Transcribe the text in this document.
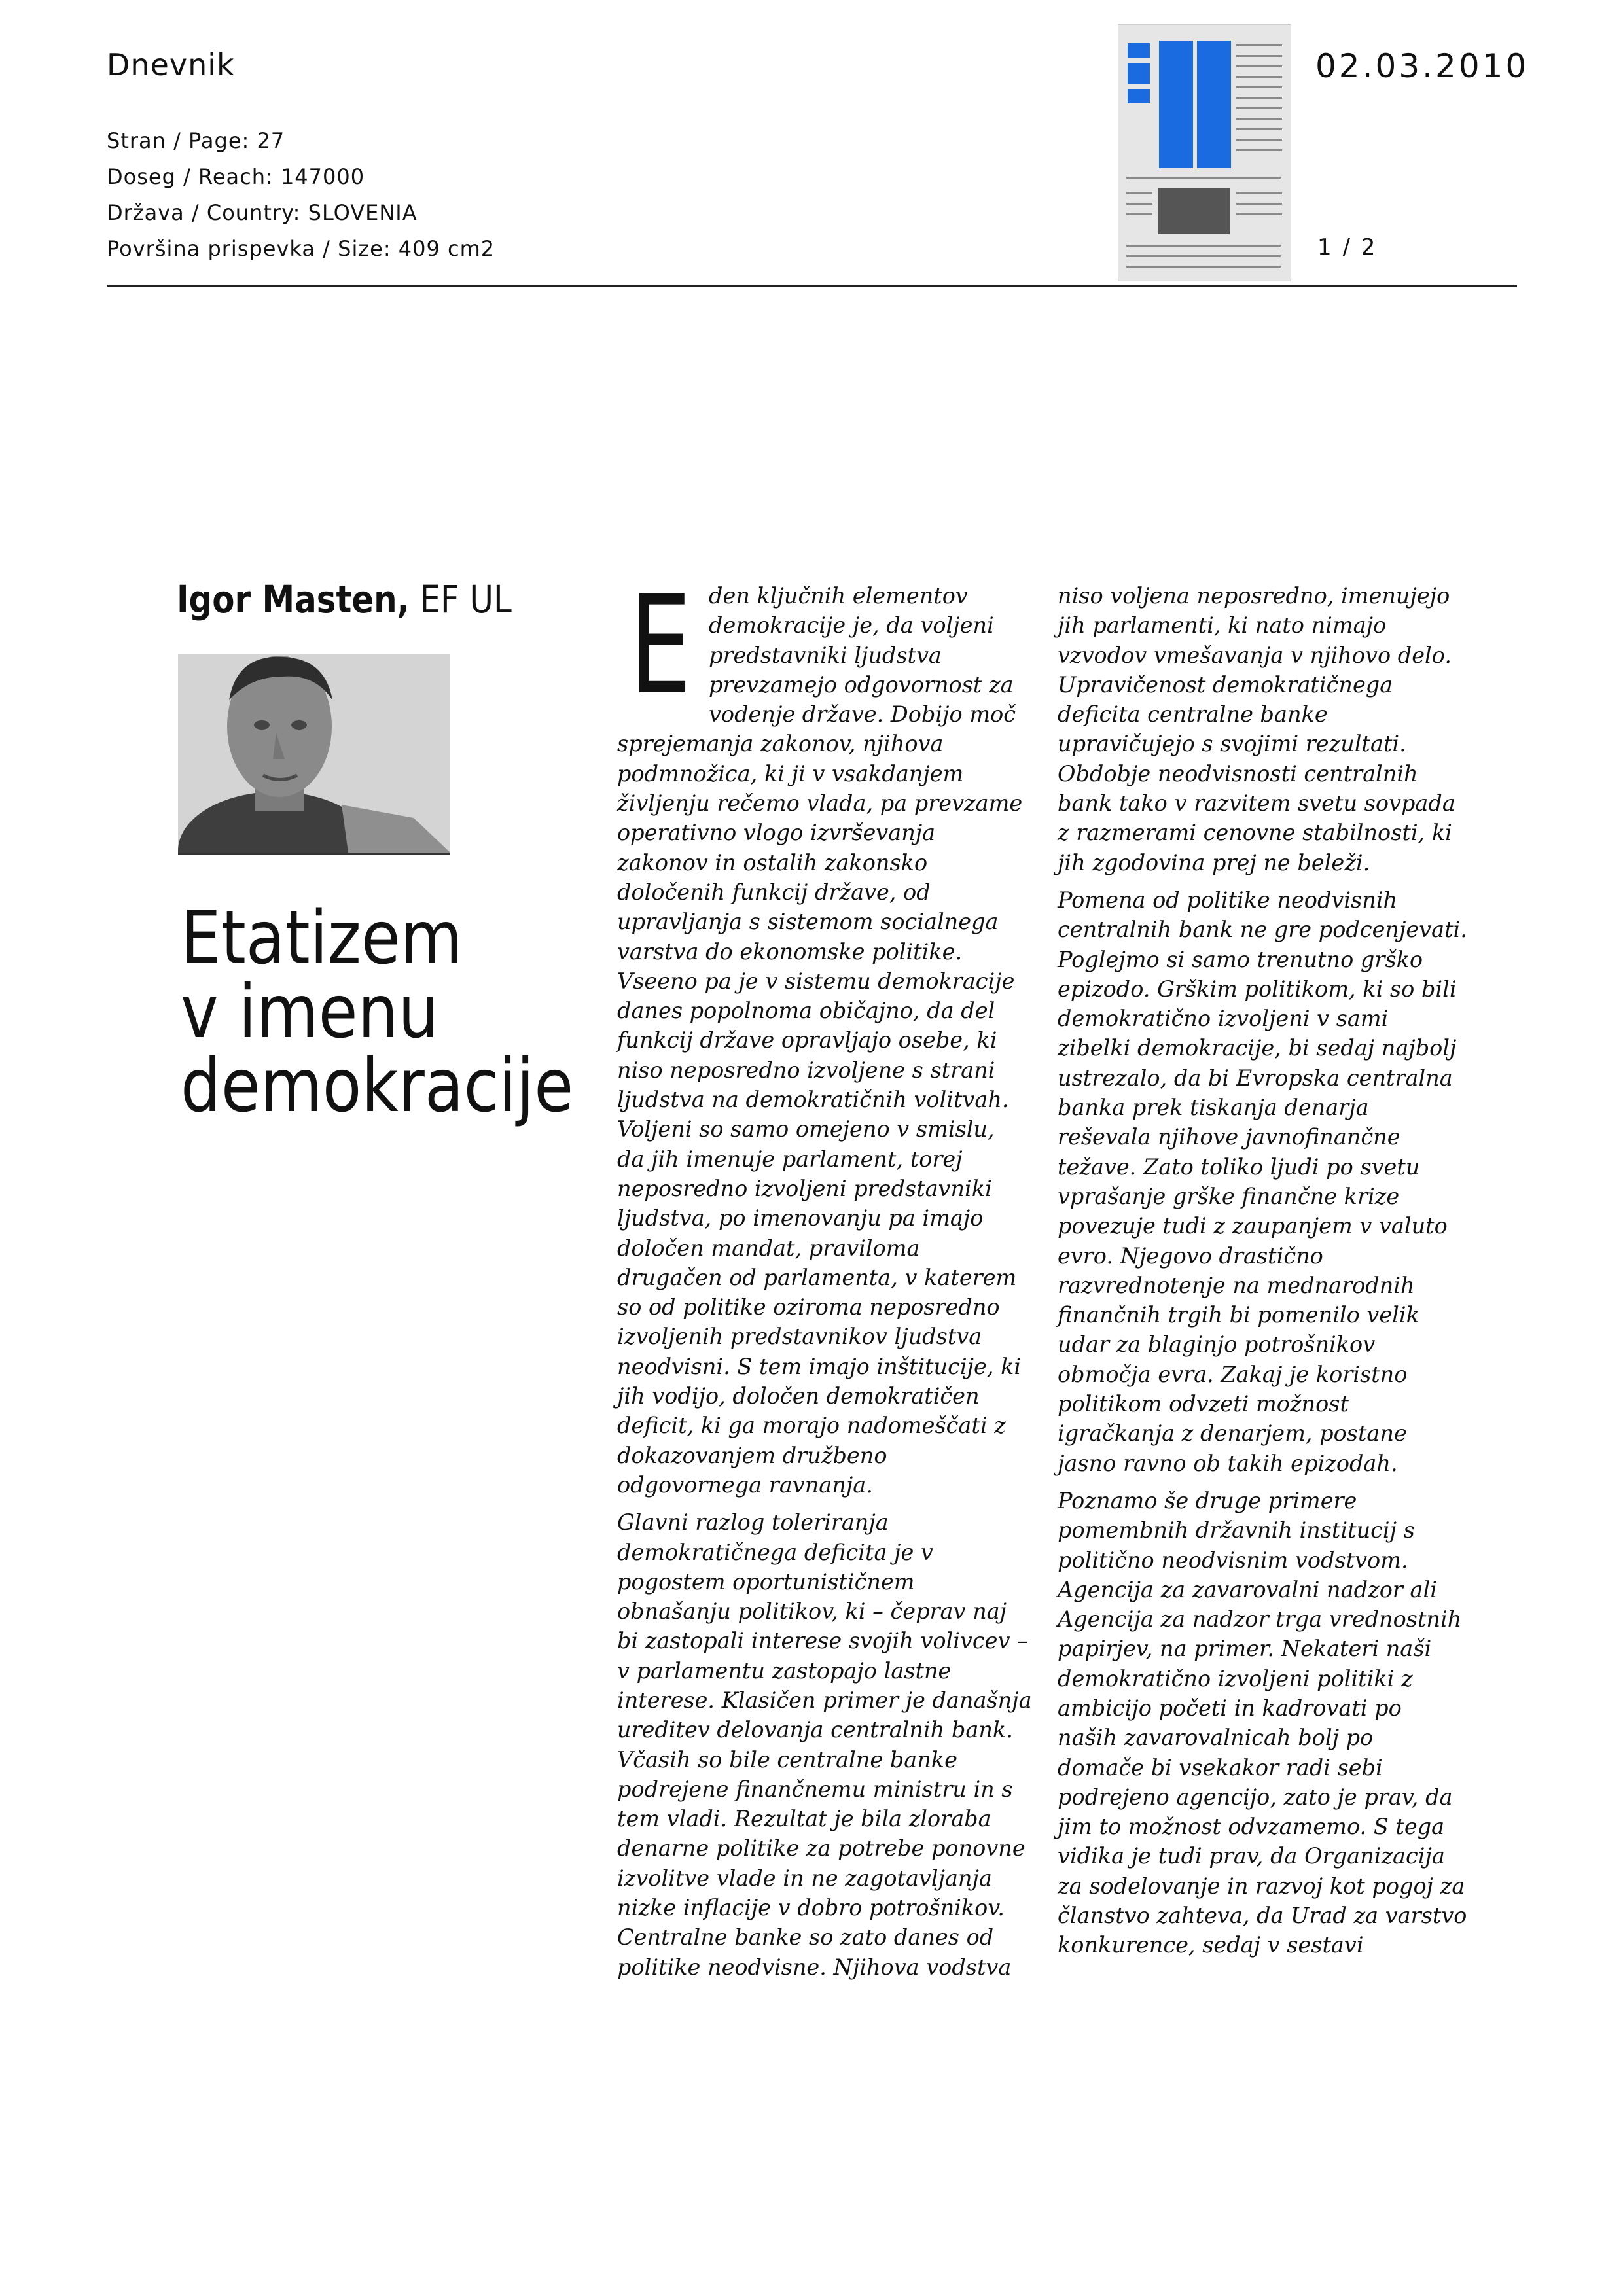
Dnevnik	02.03.2010
1 / 2
Stran / Page: 27
Doseg / Reach: 147000
Država / Country: SLOVENIA
Površina prispevka / Size: 409 cm2
Igor Masten, EF UL
Etatizem
v imenu
demokracije
E den ključnih elementov
demokracije je, da voljeni
predstavniki ljudstva
prevzamejo odgovornost za
vodenje države. Dobijo moč
sprejemanja zakonov, njihova
podmnožica, ki ji v vsakdanjem
življenju rečemo vlada, pa prevzame
operativno vlogo izvrševanja
zakonov in ostalih zakonsko
določenih funkcij države, od
upravljanja s sistemom socialnega
varstva do ekonomske politike.
Vseeno pa je v sistemu demokracije
danes popolnoma običajno, da del
funkcij države opravljajo osebe, ki
niso neposredno izvoljene s strani
ljudstva na demokratičnih volitvah.
Voljeni so samo omejeno v smislu,
da jih imenuje parlament, torej
neposredno izvoljeni predstavniki
ljudstva, po imenovanju pa imajo
določen mandat, praviloma
drugačen od parlamenta, v katerem
so od politike oziroma neposredno
izvoljenih predstavnikov ljudstva
neodvisni. S tem imajo inštitucije, ki
jih vodijo, določen demokratičen
deficit, ki ga morajo nadomeščati z
dokazovanjem družbeno
odgovornega ravnanja.
Glavni razlog toleriranja
demokratičnega deficita je v
pogostem oportunističnem
obnašanju politikov, ki – čeprav naj
bi zastopali interese svojih volivcev –
v parlamentu zastopajo lastne
interese. Klasičen primer je današnja
ureditev delovanja centralnih bank.
Včasih so bile centralne banke
podrejene finančnemu ministru in s
tem vladi. Rezultat je bila zloraba
denarne politike za potrebe ponovne
izvolitve vlade in ne zagotavljanja
nizke inflacije v dobro potrošnikov.
Centralne banke so zato danes od
politike neodvisne. Njihova vodstva
niso voljena neposredno, imenujejo
jih parlamenti, ki nato nimajo
vzvodov vmešavanja v njihovo delo.
Upravičenost demokratičnega
deficita centralne banke
upravičujejo s svojimi rezultati.
Obdobje neodvisnosti centralnih
bank tako v razvitem svetu sovpada
z razmerami cenovne stabilnosti, ki
jih zgodovina prej ne beleži.
Pomena od politike neodvisnih
centralnih bank ne gre podcenjevati.
Poglejmo si samo trenutno grško
epizodo. Grškim politikom, ki so bili
demokratično izvoljeni v sami
zibelki demokracije, bi sedaj najbolj
ustrezalo, da bi Evropska centralna
banka prek tiskanja denarja
reševala njihove javnofinančne
težave. Zato toliko ljudi po svetu
vprašanje grške finančne krize
povezuje tudi z zaupanjem v valuto
evro. Njegovo drastično
razvrednotenje na mednarodnih
finančnih trgih bi pomenilo velik
udar za blaginjo potrošnikov
območja evra. Zakaj je koristno
politikom odvzeti možnost
igračkanja z denarjem, postane
jasno ravno ob takih epizodah.
Poznamo še druge primere
pomembnih državnih institucij s
politično neodvisnim vodstvom.
Agencija za zavarovalni nadzor ali
Agencija za nadzor trga vrednostnih
papirjev, na primer. Nekateri naši
demokratično izvoljeni politiki z
ambicijo početi in kadrovati po
naših zavarovalnicah bolj po
domače bi vsekakor radi sebi
podrejeno agencijo, zato je prav, da
jim to možnost odvzamemo. S tega
vidika je tudi prav, da Organizacija
za sodelovanje in razvoj kot pogoj za
članstvo zahteva, da Urad za varstvo
konkurence, sedaj v sestavi
